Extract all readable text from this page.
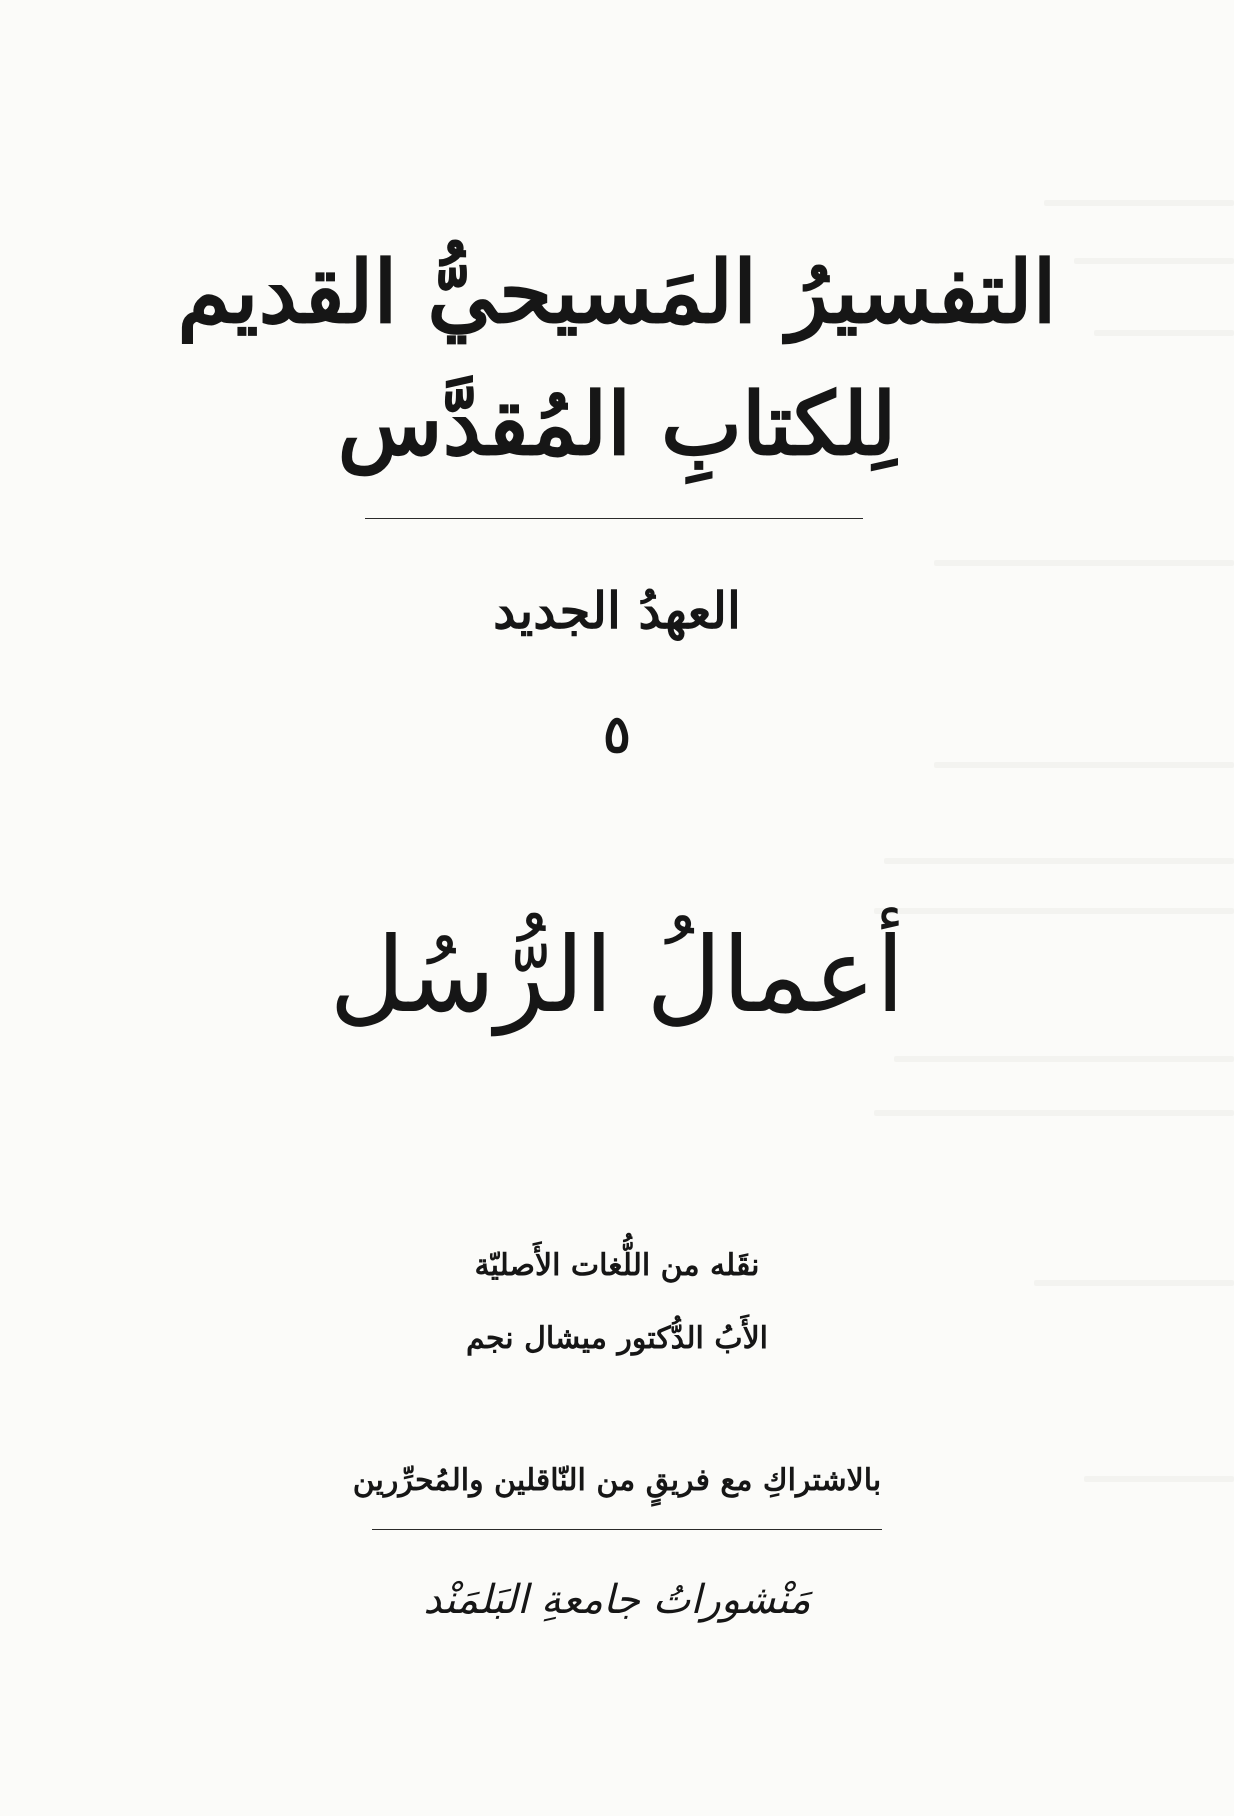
التفسيرُ المَسيحيُّ القديم
لِلكتابِ المُقدَّس
العهدُ الجديد
٥
أعمالُ الرُّسُل
نقَله من اللُّغات الأَصليّة
الأَبُ الدُّكتور ميشال نجم
بالاشتراكِ مع فريقٍ من النّاقلين والمُحرِّرين
مَنْشوراتُ جامعةِ البَلمَنْد
